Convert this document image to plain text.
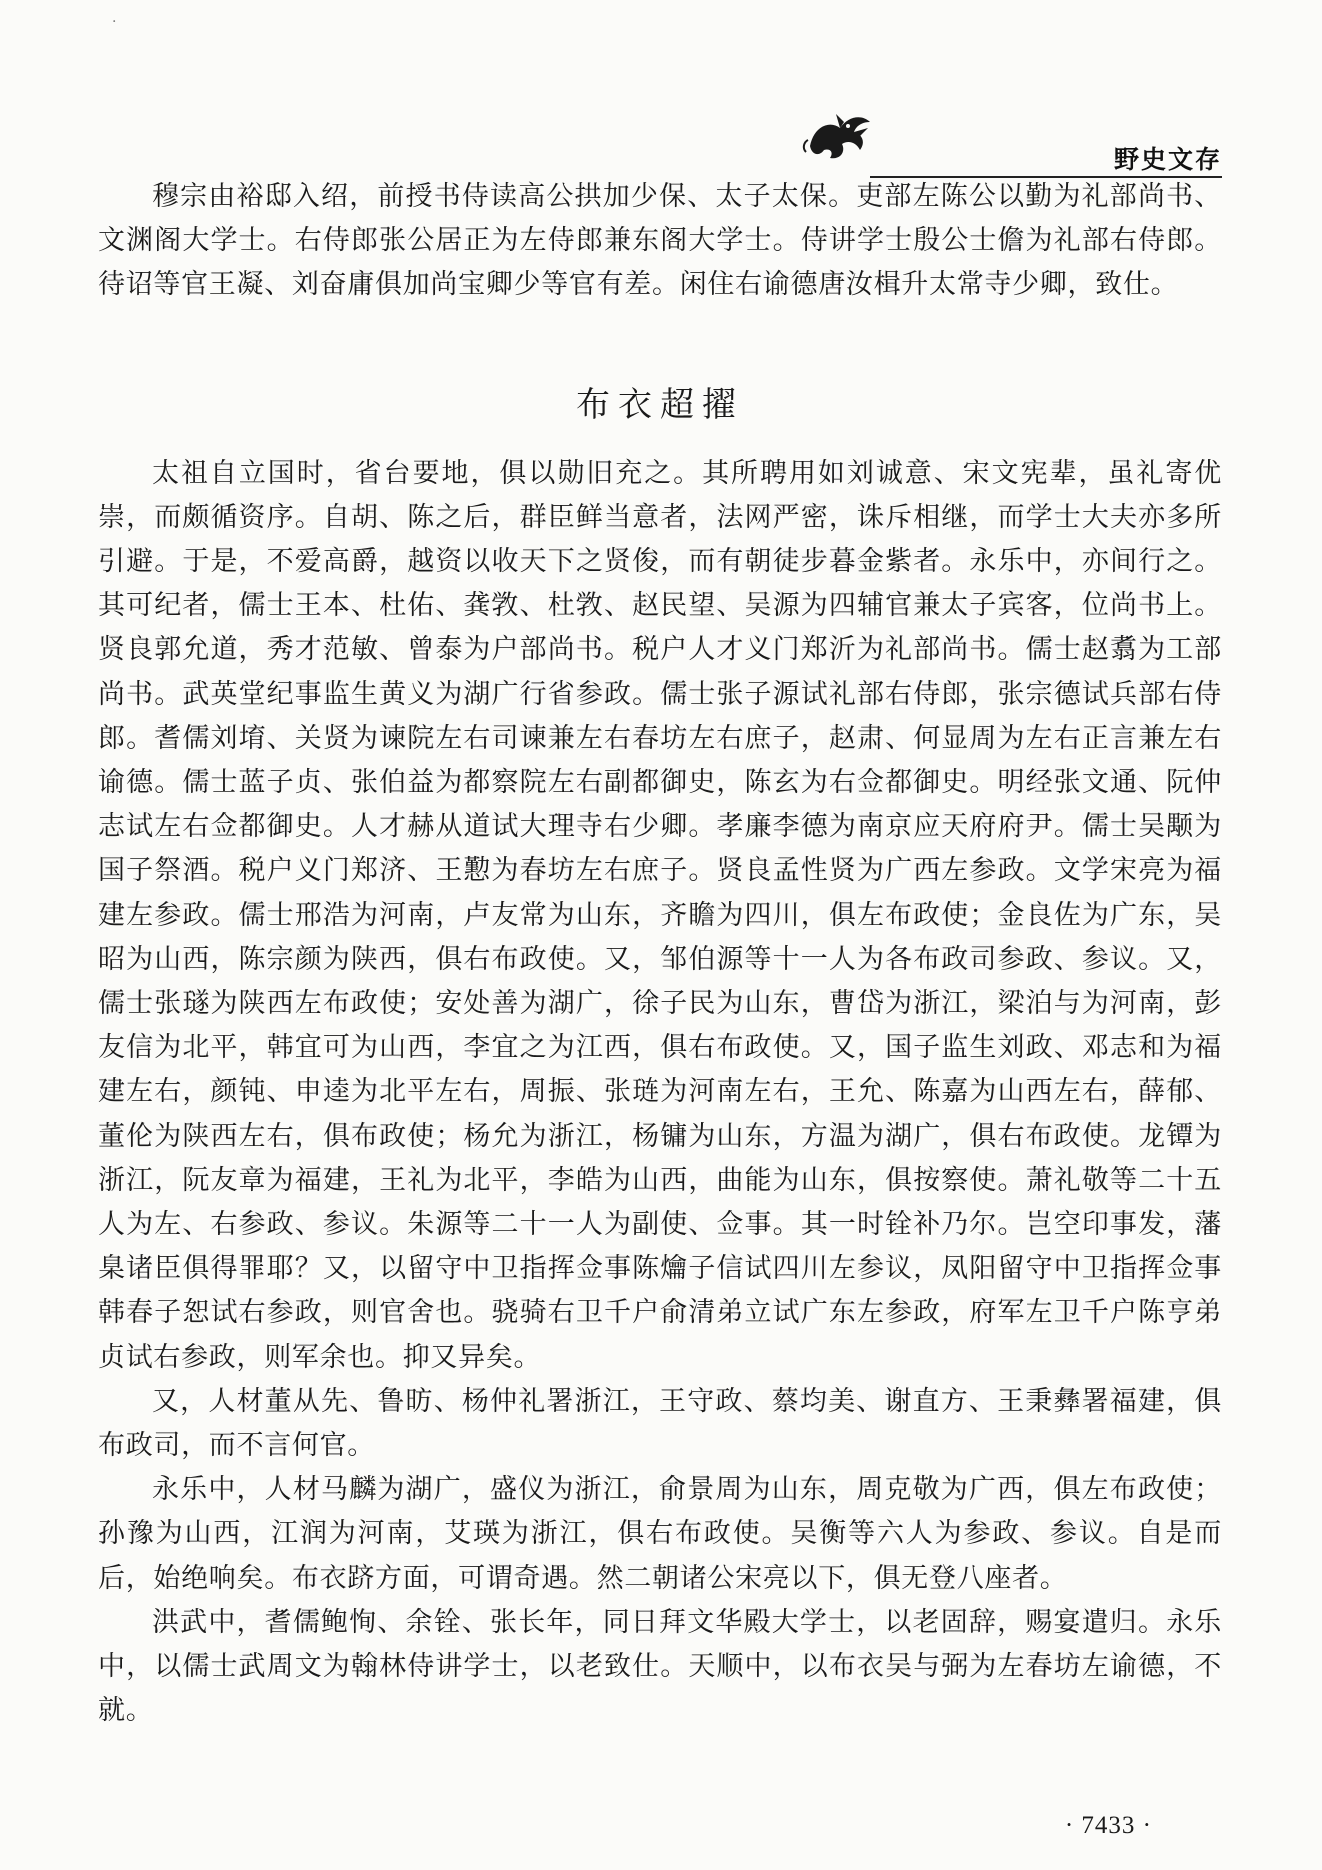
·
野史文存

穆宗由裕邸入绍，前授书侍读高公拱加少保、太子太保。吏部左陈公以勤为礼部尚书、文渊阁大学士。右侍郎张公居正为左侍郎兼东阁大学士。侍讲学士殷公士儋为礼部右侍郎。待诏等官王凝、刘奋庸俱加尚宝卿少等官有差。闲住右谕德唐汝楫升太常寺少卿，致仕。

布衣超擢

太祖自立国时，省台要地，俱以勋旧充之。其所聘用如刘诚意、宋文宪辈，虽礼寄优崇，而颇循资序。自胡、陈之后，群臣鲜当意者，法网严密，诛斥相继，而学士大夫亦多所引避。于是，不爱高爵，越资以收天下之贤俊，而有朝徒步暮金紫者。永乐中，亦间行之。其可纪者，儒士王本、杜佑、龚敩、杜敩、赵民望、吴源为四辅官兼太子宾客，位尚书上。贤良郭允道，秀才范敏、曾泰为户部尚书。税户人才义门郑沂为礼部尚书。儒士赵翥为工部尚书。武英堂纪事监生黄义为湖广行省参政。儒士张子源试礼部右侍郎，张宗德试兵部右侍郎。耆儒刘堉、关贤为谏院左右司谏兼左右春坊左右庶子，赵肃、何显周为左右正言兼左右谕德。儒士蓝子贞、张伯益为都察院左右副都御史，陈玄为右佥都御史。明经张文通、阮仲志试左右佥都御史。人才赫从道试大理寺右少卿。孝廉李德为南京应天府府尹。儒士吴颙为国子祭酒。税户义门郑济、王懃为春坊左右庶子。贤良孟性贤为广西左参政。文学宋亮为福建左参政。儒士邢浩为河南，卢友常为山东，齐瞻为四川，俱左布政使；金良佐为广东，吴昭为山西，陈宗颜为陕西，俱右布政使。又，邹伯源等十一人为各布政司参政、参议。又，儒士张璲为陕西左布政使；安处善为湖广，徐子民为山东，曹岱为浙江，梁泊与为河南，彭友信为北平，韩宜可为山西，李宜之为江西，俱右布政使。又，国子监生刘政、邓志和为福建左右，颜钝、申逵为北平左右，周振、张琏为河南左右，王允、陈嘉为山西左右，薛郁、董伦为陕西左右，俱布政使；杨允为浙江，杨镛为山东，方温为湖广，俱右布政使。龙镡为浙江，阮友章为福建，王礼为北平，李皓为山西，曲能为山东，俱按察使。萧礼敬等二十五人为左、右参政、参议。朱源等二十一人为副使、佥事。其一时铨补乃尔。岂空印事发，藩臬诸臣俱得罪耶？又，以留守中卫指挥佥事陈爚子信试四川左参议，凤阳留守中卫指挥佥事韩春子恕试右参政，则官舍也。骁骑右卫千户俞清弟立试广东左参政，府军左卫千户陈亨弟贞试右参政，则军余也。抑又异矣。

又，人材董从先、鲁昉、杨仲礼署浙江，王守政、蔡均美、谢直方、王秉彝署福建，俱布政司，而不言何官。

永乐中，人材马麟为湖广，盛仪为浙江，俞景周为山东，周克敬为广西，俱左布政使；孙豫为山西，江润为河南，艾瑛为浙江，俱右布政使。吴衡等六人为参政、参议。自是而后，始绝响矣。布衣跻方面，可谓奇遇。然二朝诸公宋亮以下，俱无登八座者。

洪武中，耆儒鲍恂、余铨、张长年，同日拜文华殿大学士，以老固辞，赐宴遣归。永乐中，以儒士武周文为翰林侍讲学士，以老致仕。天顺中，以布衣吴与弼为左春坊左谕德，不就。

· 7433 ·
